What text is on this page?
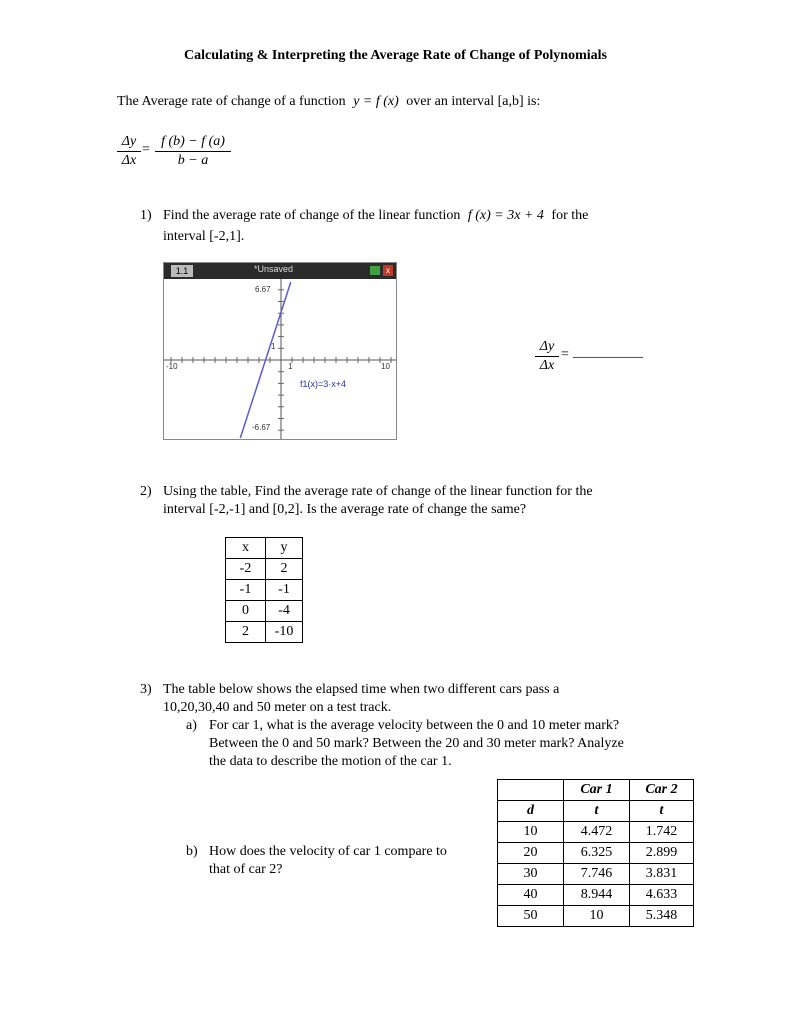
Calculating & Interpreting the Average Rate of Change of Polynomials
The Average rate of change of a function y = f (x) over an interval [a,b] is:
Δy
Δx
=
f (b) − f (a)
b − a
1) Find the average rate of change of the linear function f (x) = 3x + 4 for the
interval [-2,1].
1.1	*Unsaved	x
6.67
-6.67
-10	10
1
1
f1(x)=3·x+4
Δy
Δx
= __________
2) Using the table, Find the average rate of change of the linear function for the
interval [-2,-1] and [0,2]. Is the average rate of change the same?
x	y
-2	2
-1	-1
0	-4
2	-10
3) The table below shows the elapsed time when two different cars pass a
10,20,30,40 and 50 meter on a test track.
a) For car 1, what is the average velocity between the 0 and 10 meter mark?
Between the 0 and 50 mark? Between the 20 and 30 meter mark? Analyze
the data to describe the motion of the car 1.
b) How does the velocity of car 1 compare to
that of car 2?
	Car 1	Car 2
d	t	t
10	4.472	1.742
20	6.325	2.899
30	7.746	3.831
40	8.944	4.633
50	10	5.348
